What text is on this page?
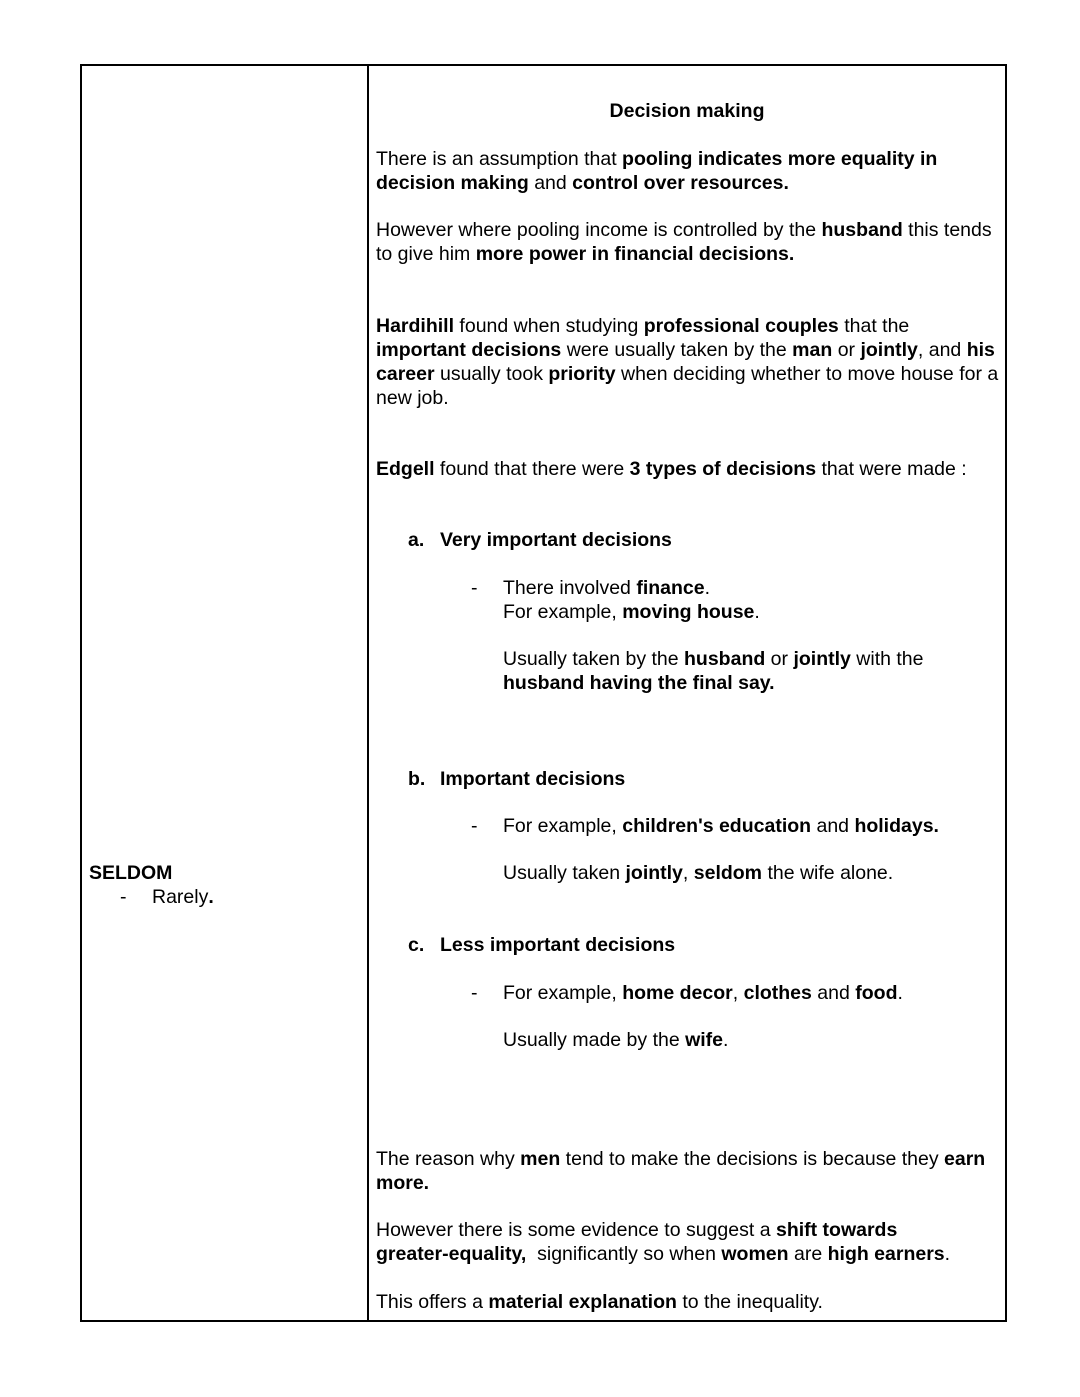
SELDOM
- Rarely.
Decision making
There is an assumption that pooling indicates more equality in
decision making and control over resources.
However where pooling income is controlled by the husband this tends
to give him more power in financial decisions.
Hardihill found when studying professional couples that the
important decisions were usually taken by the man or jointly, and his
career usually took priority when deciding whether to move house for a
new job.
Edgell found that there were 3 types of decisions that were made :
a. Very important decisions
- There involved finance.
For example, moving house.
Usually taken by the husband or jointly with the
husband having the final say.
b. Important decisions
- For example, children's education and holidays.
Usually taken jointly, seldom the wife alone.
c. Less important decisions
- For example, home decor, clothes and food.
Usually made by the wife.
The reason why men tend to make the decisions is because they earn
more.
However there is some evidence to suggest a shift towards
greater-equality,  significantly so when women are high earners.
This offers a material explanation to the inequality.
